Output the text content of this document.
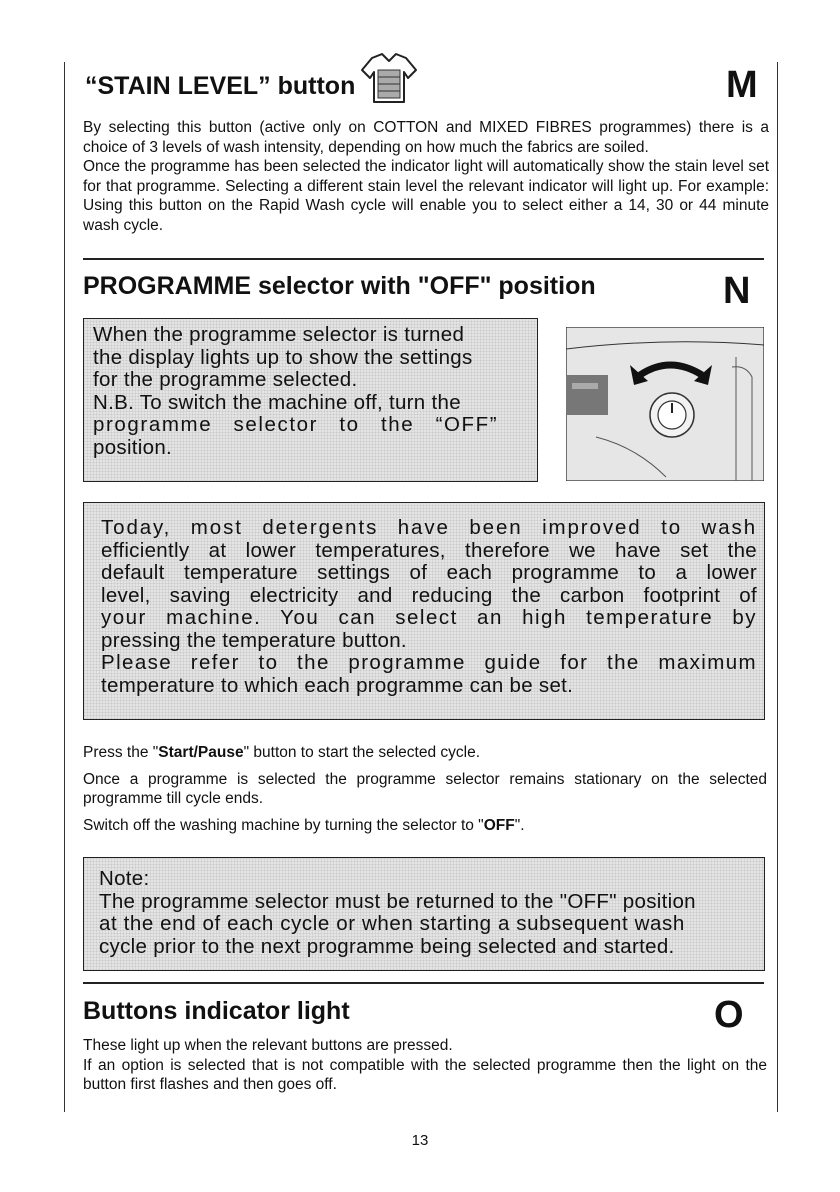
“STAIN LEVEL” button	M

By selecting this button (active only on COTTON and MIXED FIBRES programmes) there is a choice of 3 levels of wash intensity, depending on how much the fabrics are soiled.

Once the programme has been selected the indicator light will automatically show the stain level set for that programme. Selecting a different stain level the relevant indicator will light up. For example: Using this button on the Rapid Wash cycle will enable you to select either a 14, 30 or 44 minute wash cycle.

PROGRAMME selector with "OFF" position	N
When the programme selector is turned
the display lights up to show the settings
for the programme selected.
N.B. To switch the machine off, turn the
programme selector to the “OFF”
position.
Today, most detergents have been improved to wash
efficiently at lower temperatures, therefore we have set the
default temperature settings of each programme to a lower
level, saving electricity and reducing the carbon footprint of
your machine. You can select an high temperature by
pressing the temperature button.
Please refer to the programme guide for the maximum
temperature to which each programme can be set.

Press the "Start/Pause" button to start the selected cycle.

Once a programme is selected the programme selector remains stationary on the selected programme till cycle ends.

Switch off the washing machine by turning the selector to "OFF".

Note:
The programme selector must be returned to the "OFF" position
at the end of each cycle or when starting a subsequent wash
cycle prior to the next programme being selected and started.
Buttons indicator light	O

These light up when the relevant buttons are pressed.

If an option is selected that is not compatible with the selected programme then the light on the button first flashes and then goes off.

13
